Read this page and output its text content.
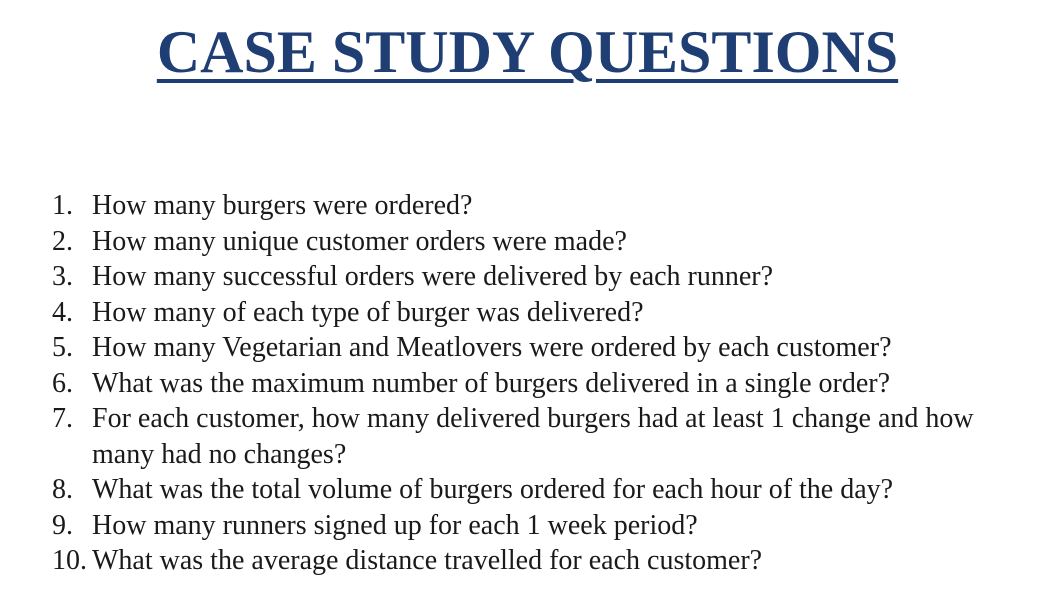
CASE STUDY QUESTIONS
1. How many burgers were ordered?
2. How many unique customer orders were made?
3. How many successful orders were delivered by each runner?
4. How many of each type of burger was delivered?
5. How many Vegetarian and Meatlovers were ordered by each customer?
6. What was the maximum number of burgers delivered in a single order?
7. For each customer, how many delivered burgers had at least 1 change and how many had no changes?
8. What was the total volume of burgers ordered for each hour of the day?
9. How many runners signed up for each 1 week period?
10. What was the average distance travelled for each customer?
